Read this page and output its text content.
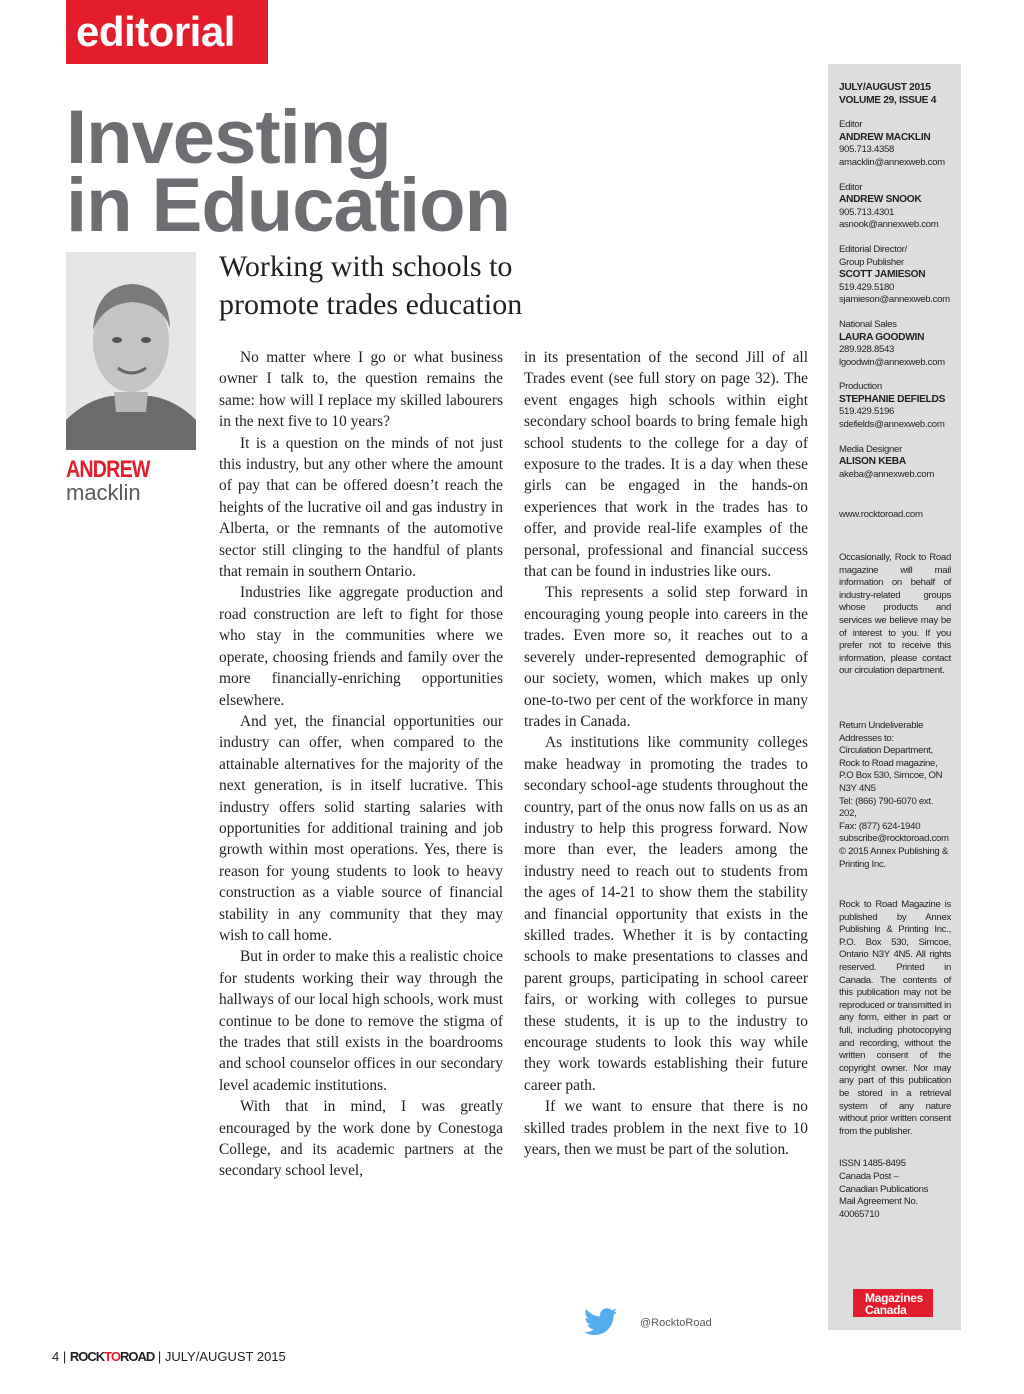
editorial
Investing
in Education
ANDREW
macklin
Working with schools to promote trades education

No matter where I go or what business owner I talk to, the question remains the same: how will I replace my skilled labourers in the next five to 10 years?

It is a question on the minds of not just this industry, but any other where the amount of pay that can be offered doesn’t reach the heights of the lucrative oil and gas industry in Alberta, or the remnants of the automotive sector still clinging to the handful of plants that remain in southern Ontario.

Industries like aggregate production and road construction are left to fight for those who stay in the communities where we operate, choosing friends and family over the more financially-enriching opportunities elsewhere.

And yet, the financial opportunities our industry can offer, when compared to the attainable alternatives for the majority of the next generation, is in itself lucrative. This industry offers solid starting salaries with opportunities for additional training and job growth within most operations. Yes, there is reason for young students to look to heavy construction as a viable source of financial stability in any community that they may wish to call home.

But in order to make this a realistic choice for students working their way through the hallways of our local high schools, work must continue to be done to remove the stigma of the trades that still exists in the boardrooms and school counselor offices in our secondary level academic institutions.

With that in mind, I was greatly encouraged by the work done by Conestoga College, and its academic partners at the secondary school level,

in its presentation of the second Jill of all Trades event (see full story on page 32). The event engages high schools within eight secondary school boards to bring female high school students to the college for a day of exposure to the trades. It is a day when these girls can be engaged in the hands-on experiences that work in the trades has to offer, and provide real-life examples of the personal, professional and financial success that can be found in industries like ours.

This represents a solid step forward in encouraging young people into careers in the trades. Even more so, it reaches out to a severely under-represented demographic of our society, women, which makes up only one-to-two per cent of the workforce in many trades in Canada.

As institutions like community colleges make headway in promoting the trades to secondary school-age students throughout the country, part of the onus now falls on us as an industry to help this progress forward. Now more than ever, the leaders among the industry need to reach out to students from the ages of 14-21 to show them the stability and financial opportunity that exists in the skilled trades. Whether it is by contacting schools to make presentations to classes and parent groups, participating in school career fairs, or working with colleges to pursue these students, it is up to the industry to encourage students to look this way while they work towards establishing their future career path.

If we want to ensure that there is no skilled trades problem in the next five to 10 years, then we must be part of the solution.

JULY/AUGUST 2015
VOLUME 29, ISSUE 4
Editor
ANDREW MACKLIN
905.713.4358
amacklin@annexweb.com
Editor
ANDREW SNOOK
905.713.4301
asnook@annexweb.com
Editorial Director/ Group Publisher
SCOTT JAMIESON
519.429.5180
sjamieson@annexweb.com
National Sales
LAURA GOODWIN
289.928.8543
lgoodwin@annexweb.com
Production
STEPHANIE DEFIELDS
519.429.5196
sdefields@annexweb.com
Media Designer
ALISON KEBA
akeba@annexweb.com
www.rocktoroad.com
Occasionally, Rock to Road magazine will mail information on behalf of industry-related groups whose products and services we believe may be of interest to you. If you prefer not to receive this information, please contact our circulation department.
Return Undeliverable
Addresses to:
Circulation Department,
Rock to Road magazine,
P.O Box 530, Simcoe, ON
N3Y 4N5
Tel: (866) 790-6070 ext. 202,
Fax: (877) 624-1940
subscribe@rocktoroad.com
© 2015 Annex Publishing &
Printing Inc.
Rock to Road Magazine is published by Annex Publishing & Printing Inc., P.O. Box 530, Simcoe, Ontario N3Y 4N5. All rights reserved. Printed in Canada. The contents of this publication may not be reproduced or transmitted in any form, either in part or full, including photocopying and recording, without the written consent of the copyright owner. Nor may any part of this publication be stored in a retrieval system of any nature without prior written consent from the publisher.
ISSN 1485-8495
Canada Post –
Canadian Publications
Mail Agreement No. 40065710
Magazines Canada
@RocktoRoad
4 | ROCKTOROAD | JULY/AUGUST 2015
